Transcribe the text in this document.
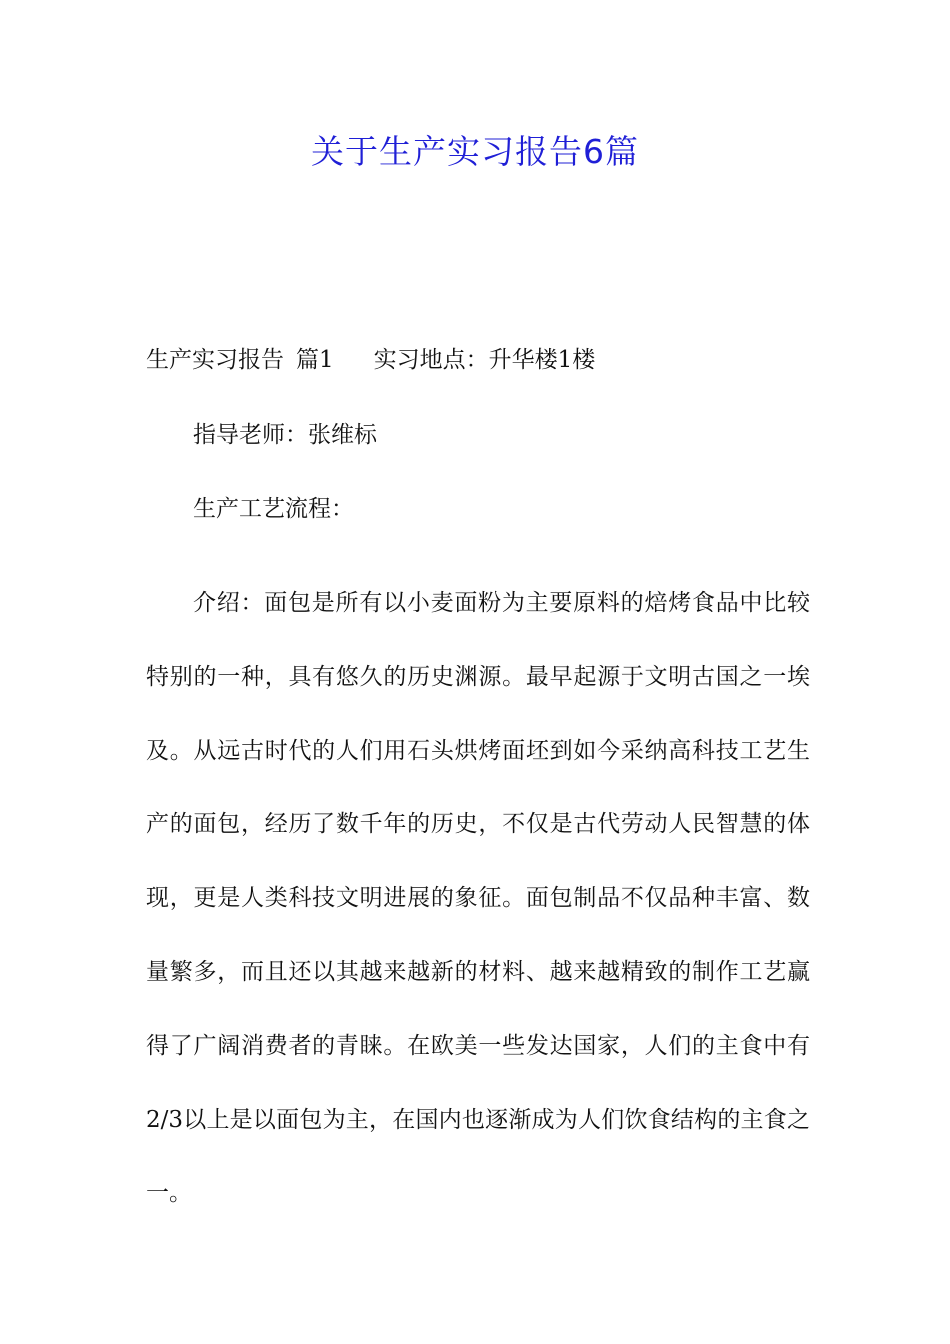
关于生产实习报告6篇

生产实习报告 篇1 实习地点：升华楼1楼

指导老师：张维标

生产工艺流程：

介绍：面包是所有以小麦面粉为主要原料的焙烤食品中比较特别的一种，具有悠久的历史渊源。最早起源于文明古国之一埃及。从远古时代的人们用石头烘烤面坯到如今采纳高科技工艺生产的面包，经历了数千年的历史，不仅是古代劳动人民智慧的体现，更是人类科技文明进展的象征。面包制品不仅品种丰富、数量繁多，而且还以其越来越新的材料、越来越精致的制作工艺赢得了广阔消费者的青睐。在欧美一些发达国家，人们的主食中有2/3以上是以面包为主，在国内也逐渐成为人们饮食结构的主食之一。
